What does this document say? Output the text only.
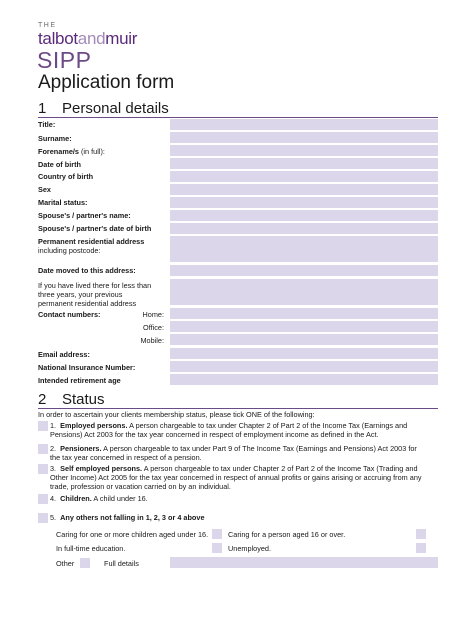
THE
talbotandmuir
SIPP
Application form
1	Personal details
Title:
Surname:
Forename/s (in full):
Date of birth
Country of birth
Sex
Marital status:
Spouse's / partner's name:
Spouse's / partner's date of birth
Permanent residential address
including postcode:
Date moved to this address:
If you have lived there for less than three years, your previous permanent residential address
Contact numbers:	Home:
Office:
Mobile:
Email address:
National Insurance Number:
Intended retirement age
2	Status
In order to ascertain your clients membership status, please tick ONE of the following:
1. Employed persons. A person chargeable to tax under Chapter 2 of Part 2 of the Income Tax (Earnings and Pensions) Act 2003 for the tax year concerned in respect of employment income as defined in the Act.
2. Pensioners. A person chargeable to tax under Part 9 of The Income Tax (Earnings and Pensions) Act 2003 for the tax year concerned in respect of a pension.
3. Self employed persons. A person chargeable to tax under Chapter 2 of Part 2 of the Income Tax (Trading and Other Income) Act 2005 for the tax year concerned in respect of annual profits or gains arising or accruing from any trade, profession or vacation carried on by an individual.
4. Children. A child under 16.
5. Any others not falling in 1, 2, 3 or 4 above
Caring for one or more children aged under 16.	Caring for a person aged 16 or over.
In full-time education.	Unemployed.
Other	Full details
